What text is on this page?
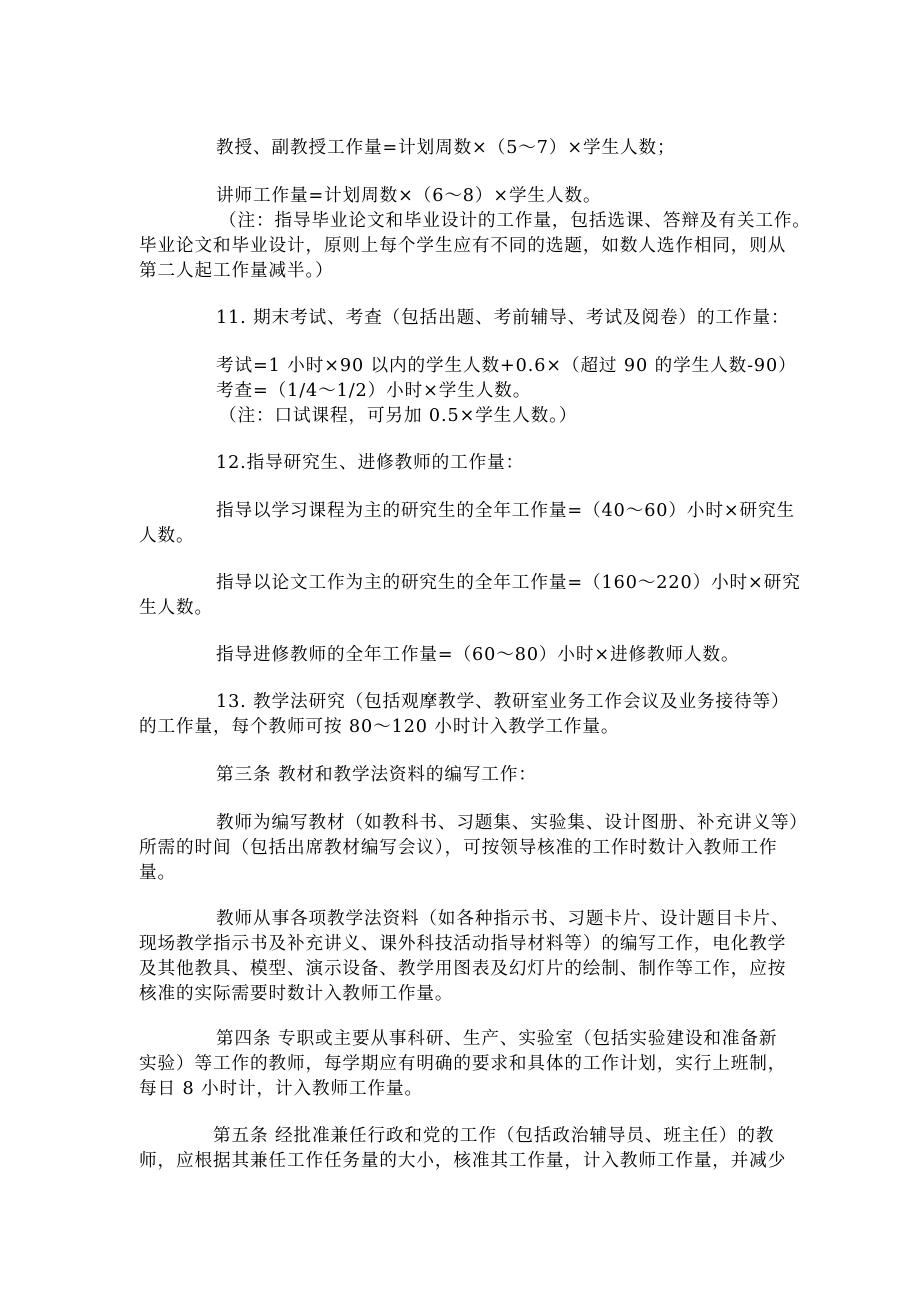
教授、副教授工作量=计划周数×（5～7）×学生人数；
讲师工作量=计划周数×（6～8）×学生人数。
（注：指导毕业论文和毕业设计的工作量，包括选课、答辩及有关工作。
毕业论文和毕业设计，原则上每个学生应有不同的选题，如数人选作相同，则从
第二人起工作量减半。）
11. 期末考试、考查（包括出题、考前辅导、考试及阅卷）的工作量：
考试=1 小时×90 以内的学生人数+0.6×（超过 90 的学生人数-90）
考查=（1/4～1/2）小时×学生人数。
（注：口试课程，可另加 0.5×学生人数。）
12.指导研究生、进修教师的工作量：
指导以学习课程为主的研究生的全年工作量=（40～60）小时×研究生
人数。
指导以论文工作为主的研究生的全年工作量=（160～220）小时×研究
生人数。
指导进修教师的全年工作量=（60～80）小时×进修教师人数。
13. 教学法研究（包括观摩教学、教研室业务工作会议及业务接待等）
的工作量，每个教师可按 80～120 小时计入教学工作量。
第三条 教材和教学法资料的编写工作：
教师为编写教材（如教科书、习题集、实验集、设计图册、补充讲义等）
所需的时间（包括出席教材编写会议），可按领导核准的工作时数计入教师工作
量。
教师从事各项教学法资料（如各种指示书、习题卡片、设计题目卡片、
现场教学指示书及补充讲义、课外科技活动指导材料等）的编写工作，电化教学
及其他教具、模型、演示设备、教学用图表及幻灯片的绘制、制作等工作，应按
核准的实际需要时数计入教师工作量。
第四条 专职或主要从事科研、生产、实验室（包括实验建设和准备新
实验）等工作的教师，每学期应有明确的要求和具体的工作计划，实行上班制，
每日 8 小时计，计入教师工作量。
第五条 经批准兼任行政和党的工作（包括政治辅导员、班主任）的教
师，应根据其兼任工作任务量的大小，核准其工作量，计入教师工作量，并减少
